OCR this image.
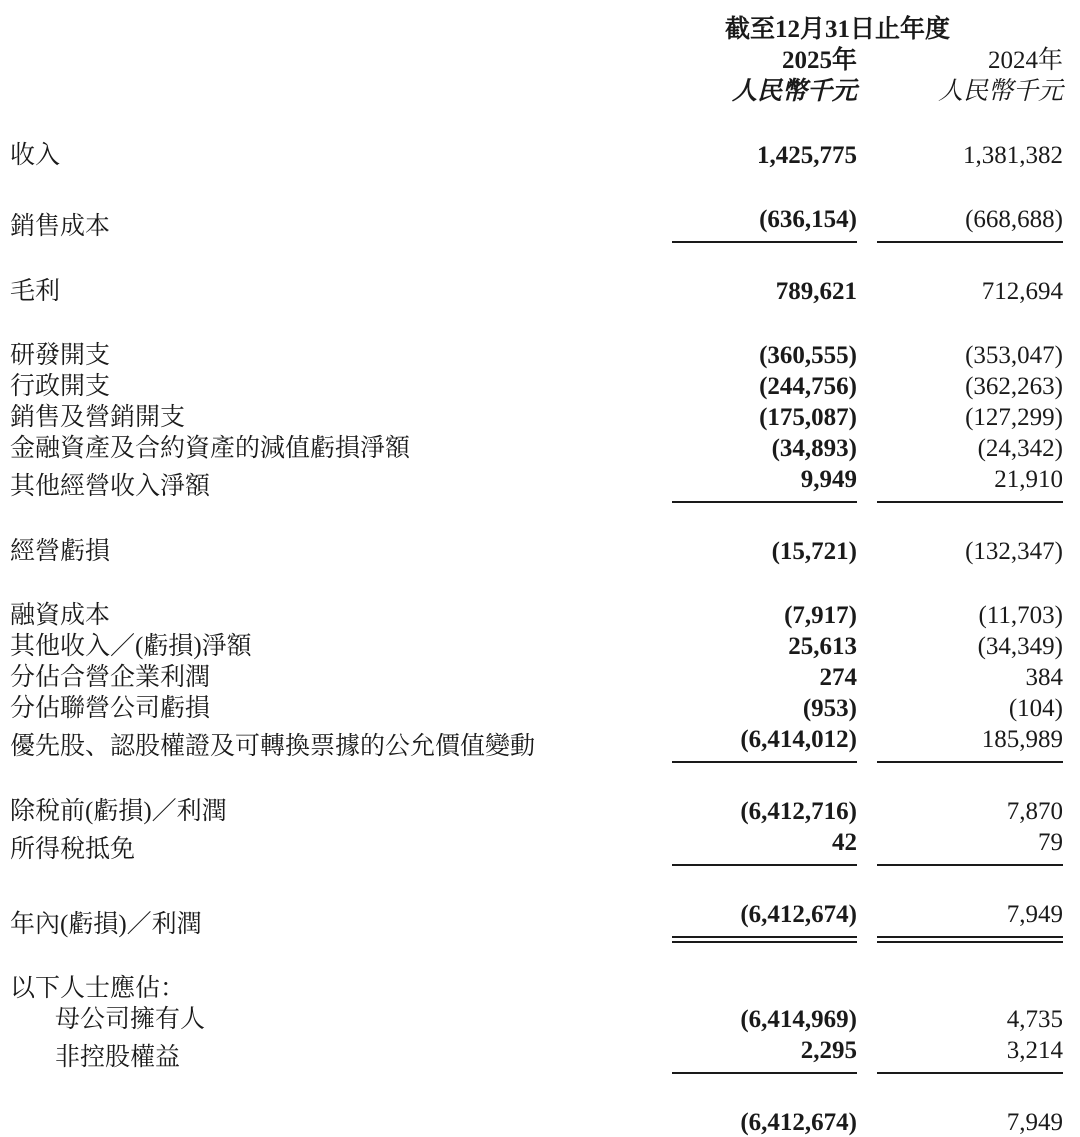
	截至12月31日止年度		
	2025年		2024年
	人民幣千元		人民幣千元
收入	1,425,775		1,381,382
銷售成本	(636,154)		(668,688)
毛利	789,621		712,694
研發開支	(360,555)		(353,047)
行政開支	(244,756)		(362,263)
銷售及營銷開支	(175,087)		(127,299)
金融資產及合約資產的減值虧損淨額	(34,893)		(24,342)
其他經營收入淨額	9,949		21,910
經營虧損	(15,721)		(132,347)
融資成本	(7,917)		(11,703)
其他收入／(虧損)淨額	25,613		(34,349)
分佔合營企業利潤	274		384
分佔聯營公司虧損	(953)		(104)
優先股、認股權證及可轉換票據的公允價值變動	(6,414,012)		185,989
除稅前(虧損)／利潤	(6,412,716)		7,870
所得稅抵免	42		79
年內(虧損)／利潤	(6,412,674)		7,949
以下人士應佔：			
母公司擁有人	(6,414,969)		4,735
非控股權益	2,295		3,214
	(6,412,674)		7,949
